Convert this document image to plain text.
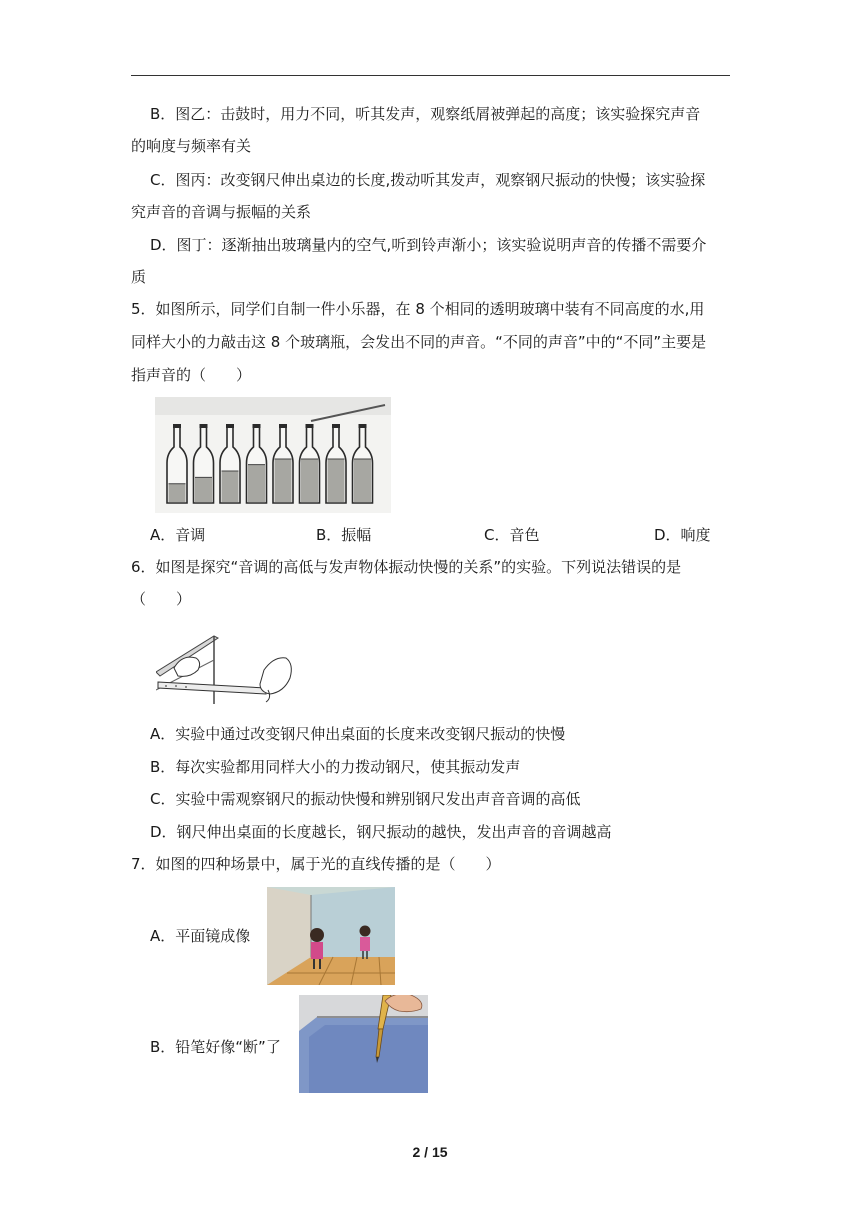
B．图乙：击鼓时，用力不同，听其发声，观察纸屑被弹起的高度；该实验探究声音
的响度与频率有关
C．图丙：改变钢尺伸出桌边的长度,拨动听其发声，观察钢尺振动的快慢；该实验探
究声音的音调与振幅的关系
D．图丁：逐渐抽出玻璃量内的空气,听到铃声渐小；该实验说明声音的传播不需要介
质
5．如图所示，同学们自制一件小乐器，在 8 个相同的透明玻璃中装有不同高度的水,用
同样大小的力敲击这 8 个玻璃瓶，会发出不同的声音。“不同的声音”中的“不同”主要是
指声音的（　　）
A．音调	B．振幅	C．音色	D．响度
6．如图是探究“音调的高低与发声物体振动快慢的关系”的实验。下列说法错误的是
（　　）
A．实验中通过改变钢尺伸出桌面的长度来改变钢尺振动的快慢
B．每次实验都用同样大小的力拨动钢尺，使其振动发声
C．实验中需观察钢尺的振动快慢和辨别钢尺发出声音音调的高低
D．钢尺伸出桌面的长度越长，钢尺振动的越快，发出声音的音调越高
7．如图的四种场景中，属于光的直线传播的是（　　）
A．平面镜成像
B．铅笔好像“断”了
2 / 15
